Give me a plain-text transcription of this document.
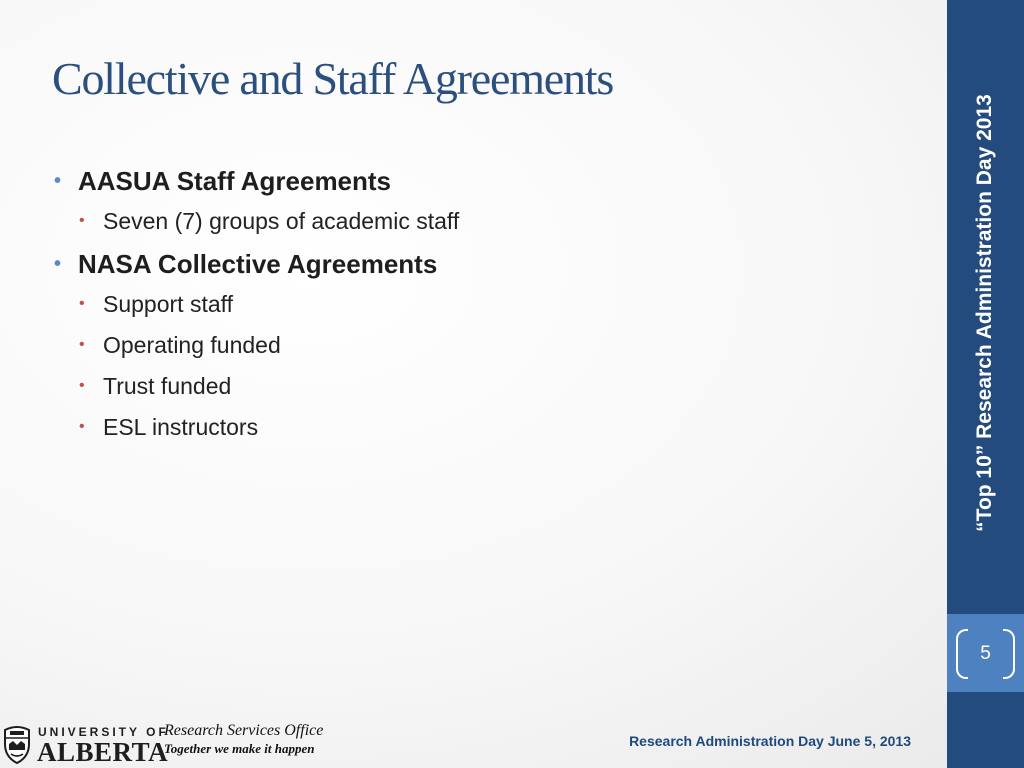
Collective and Staff Agreements
• AASUA Staff Agreements
• Seven (7) groups of academic staff
• NASA Collective Agreements
• Support staff
• Operating funded
• Trust funded
• ESL instructors	“Top 10” Research Administration Day 2013
5
UNIVERSITY OF
ALBERTA
Research Services Office
Together we make it happen	Research Administration Day June 5, 2013
